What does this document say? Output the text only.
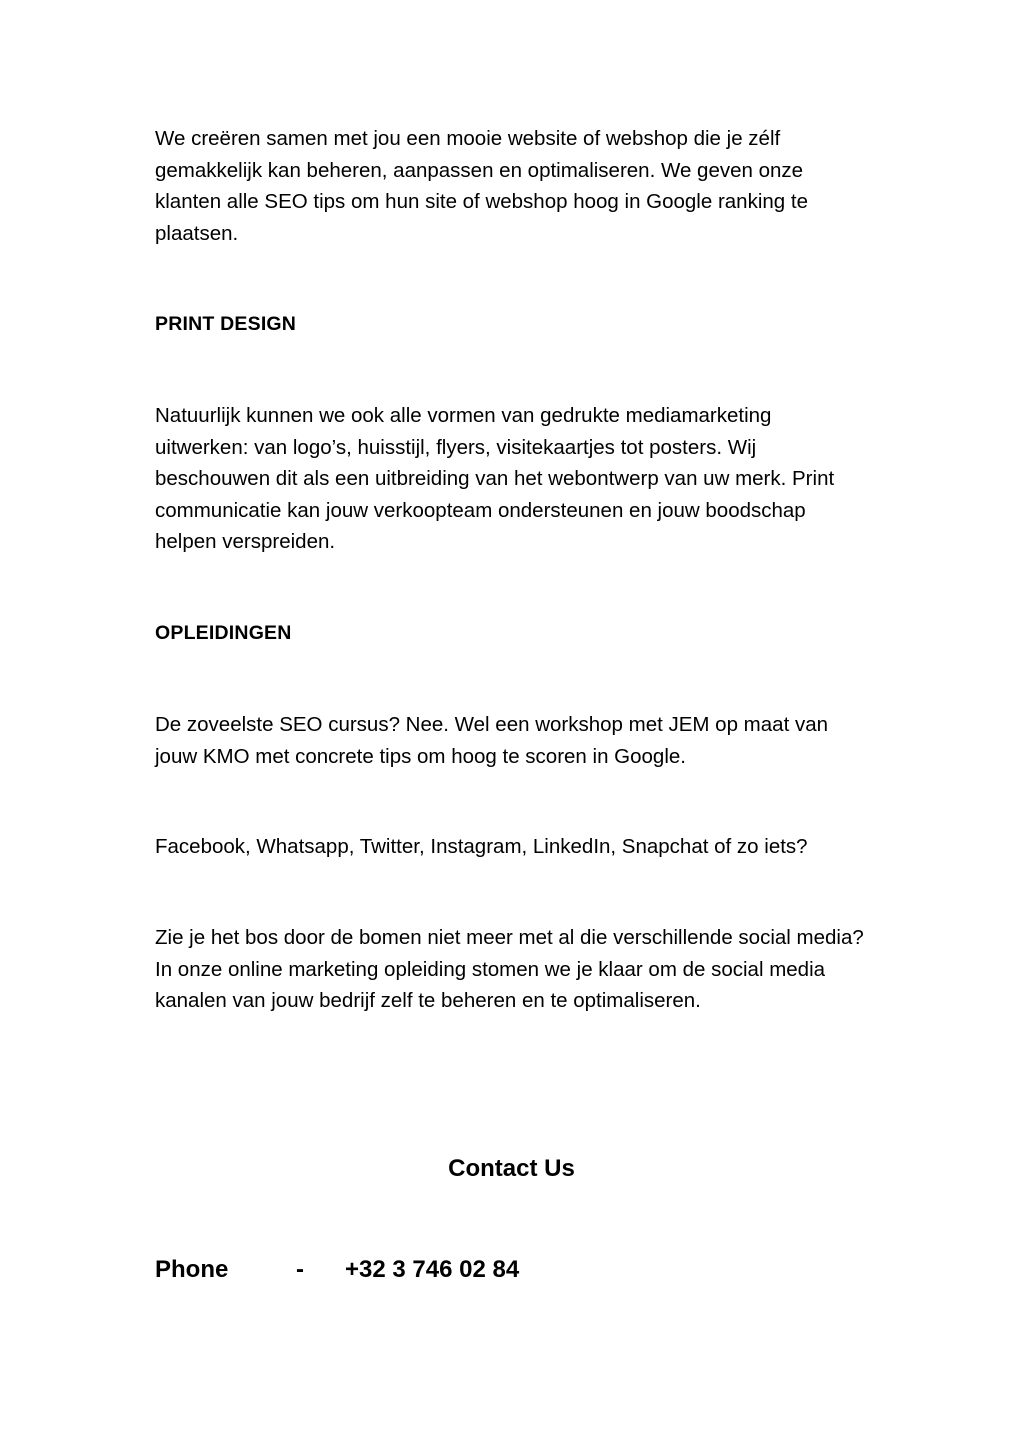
We creëren samen met jou een mooie website of webshop die je zélf gemakkelijk kan beheren, aanpassen en optimaliseren. We geven onze klanten alle SEO tips om hun site of webshop hoog in Google ranking te plaatsen.

PRINT DESIGN

Natuurlijk kunnen we ook alle vormen van gedrukte mediamarketing uitwerken: van logo’s, huisstijl, flyers, visitekaartjes tot posters. Wij beschouwen dit als een uitbreiding van het webontwerp van uw merk. Print communicatie kan jouw verkoopteam ondersteunen en jouw boodschap helpen verspreiden.

OPLEIDINGEN

De zoveelste SEO cursus? Nee. Wel een workshop met JEM op maat van jouw KMO met concrete tips om hoog te scoren in Google.

Facebook, Whatsapp, Twitter, Instagram, LinkedIn, Snapchat of zo iets?

Zie je het bos door de bomen niet meer met al die verschillende social media? In onze online marketing opleiding stomen we je klaar om de social media kanalen van jouw bedrijf zelf te beheren en te optimaliseren.

Contact Us
Phone	- +32 3 746 02 84
